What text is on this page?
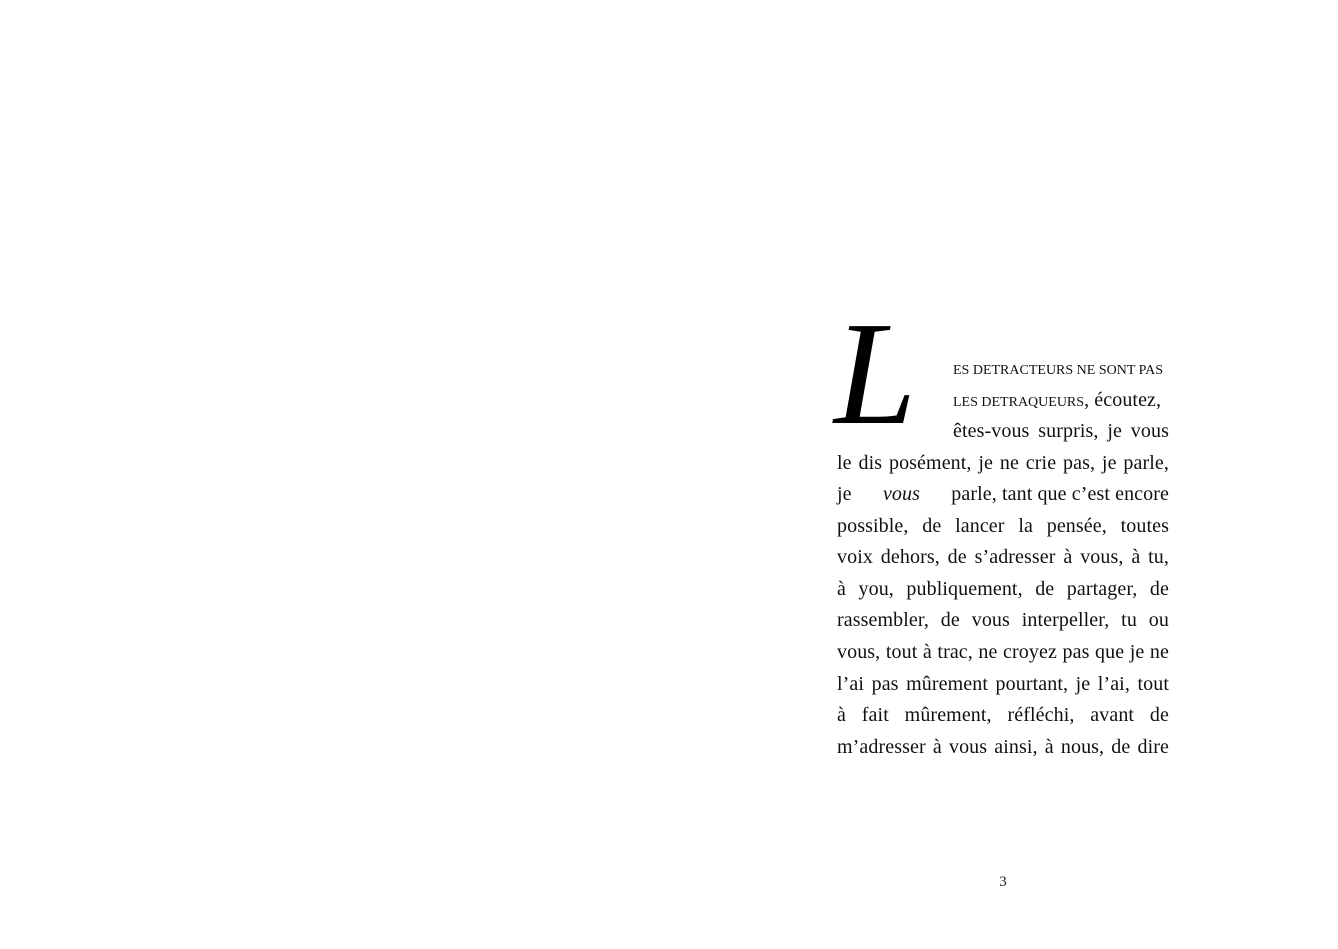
L	ES DETRACTEURS NE SONT PAS
LES DETRAQUEURS, écoutez,
êtes-vous surpris, je vous
le dis posément, je ne crie pas, je parle,
je vous parle, tant que c’est encore
possible, de lancer la pensée, toutes
voix dehors, de s’adresser à vous, à tu,
à you, publiquement, de partager, de
rassembler, de vous interpeller, tu ou
vous, tout à trac, ne croyez pas que je ne
l’ai pas mûrement pourtant, je l’ai, tout
à fait mûrement, réfléchi, avant de
m’adresser à vous ainsi, à nous, de dire
3
